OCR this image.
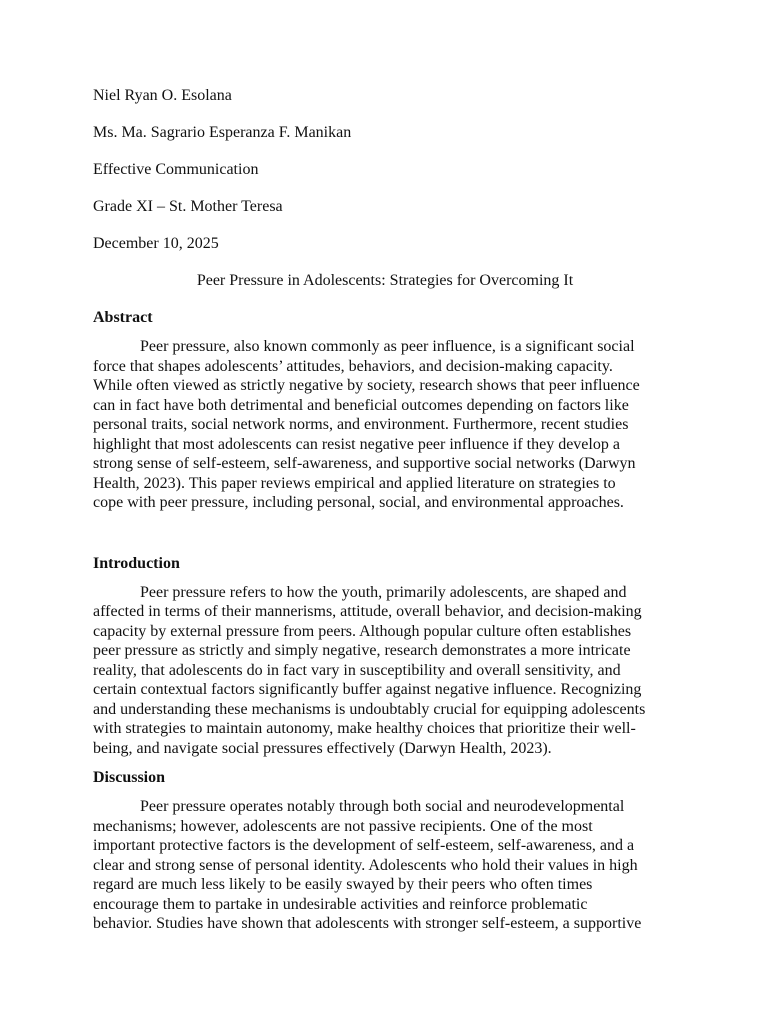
Niel Ryan O. Esolana

Ms. Ma. Sagrario Esperanza F. Manikan

Effective Communication

Grade XI – St. Mother Teresa

December 10, 2025

Peer Pressure in Adolescents: Strategies for Overcoming It

Abstract

Peer pressure, also known commonly as peer influence, is a significant social
force that shapes adolescents’ attitudes, behaviors, and decision-making capacity.
While often viewed as strictly negative by society, research shows that peer influence
can in fact have both detrimental and beneficial outcomes depending on factors like
personal traits, social network norms, and environment. Furthermore, recent studies
highlight that most adolescents can resist negative peer influence if they develop a
strong sense of self-esteem, self-awareness, and supportive social networks (Darwyn
Health, 2023). This paper reviews empirical and applied literature on strategies to
cope with peer pressure, including personal, social, and environmental approaches.

Introduction

Peer pressure refers to how the youth, primarily adolescents, are shaped and
affected in terms of their mannerisms, attitude, overall behavior, and decision-making
capacity by external pressure from peers. Although popular culture often establishes
peer pressure as strictly and simply negative, research demonstrates a more intricate
reality, that adolescents do in fact vary in susceptibility and overall sensitivity, and
certain contextual factors significantly buffer against negative influence. Recognizing
and understanding these mechanisms is undoubtably crucial for equipping adolescents
with strategies to maintain autonomy, make healthy choices that prioritize their well-
being, and navigate social pressures effectively (Darwyn Health, 2023).

Discussion

Peer pressure operates notably through both social and neurodevelopmental
mechanisms; however, adolescents are not passive recipients. One of the most
important protective factors is the development of self-esteem, self-awareness, and a
clear and strong sense of personal identity. Adolescents who hold their values in high
regard are much less likely to be easily swayed by their peers who often times
encourage them to partake in undesirable activities and reinforce problematic
behavior. Studies have shown that adolescents with stronger self-esteem, a supportive
